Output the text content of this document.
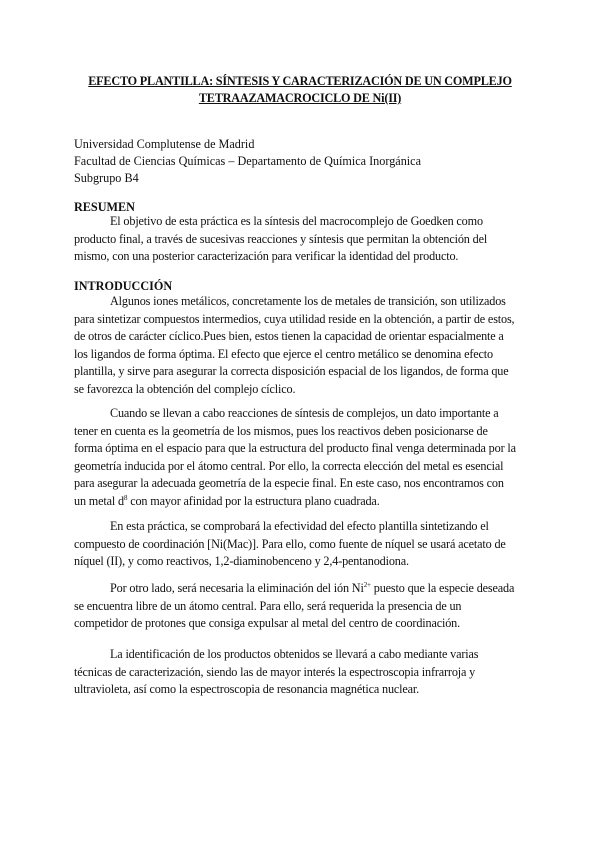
EFECTO PLANTILLA: SÍNTESIS Y CARACTERIZACIÓN DE UN COMPLEJO
TETRAAZAMACROCICLO DE Ni(II)
Universidad Complutense de Madrid
Facultad de Ciencias Químicas – Departamento de Química Inorgánica
Subgrupo B4
RESUMEN
El objetivo de esta práctica es la síntesis del macrocomplejo de Goedken como
producto final, a través de sucesivas reacciones y síntesis que permitan la obtención del
mismo, con una posterior caracterización para verificar la identidad del producto.
INTRODUCCIÓN
Algunos iones metálicos, concretamente los de metales de transición, son utilizados
para sintetizar compuestos intermedios, cuya utilidad reside en la obtención, a partir de estos,
de otros de carácter cíclico.Pues bien, estos tienen la capacidad de orientar espacialmente a
los ligandos de forma óptima. El efecto que ejerce el centro metálico se denomina efecto
plantilla, y sirve para asegurar la correcta disposición espacial de los ligandos, de forma que
se favorezca la obtención del complejo cíclico.
Cuando se llevan a cabo reacciones de síntesis de complejos, un dato importante a
tener en cuenta es la geometría de los mismos, pues los reactivos deben posicionarse de
forma óptima en el espacio para que la estructura del producto final venga determinada por la
geometría inducida por el átomo central. Por ello, la correcta elección del metal es esencial
para asegurar la adecuada geometría de la especie final. En este caso, nos encontramos con
un metal $d^8$ con mayor afinidad por la estructura plano cuadrada.
En esta práctica, se comprobará la efectividad del efecto plantilla sintetizando el
compuesto de coordinación [Ni(Mac)]. Para ello, como fuente de níquel se usará acetato de
níquel (II), y como reactivos, 1,2-diaminobenceno y 2,4-pentanodiona.
Por otro lado, será necesaria la eliminación del ión $Ni^{2+}$ puesto que la especie deseada
se encuentra libre de un átomo central. Para ello, será requerida la presencia de un
competidor de protones que consiga expulsar al metal del centro de coordinación.
La identificación de los productos obtenidos se llevará a cabo mediante varias
técnicas de caracterización, siendo las de mayor interés la espectroscopia infrarroja y
ultravioleta, así como la espectroscopia de resonancia magnética nuclear.
